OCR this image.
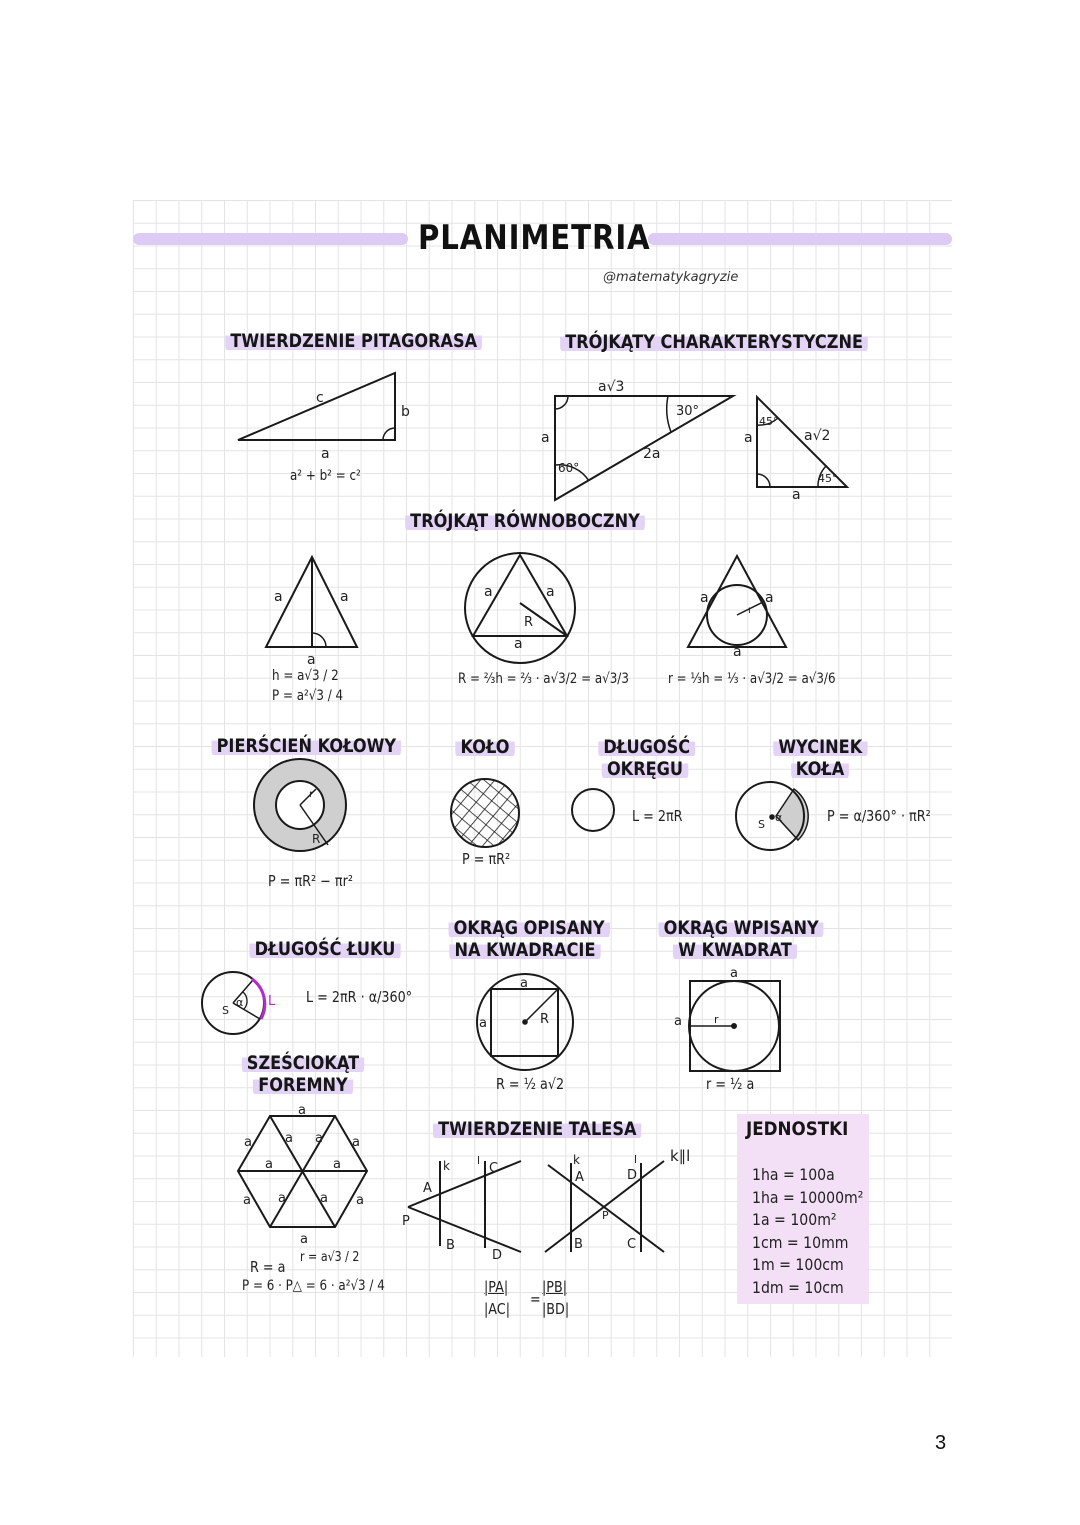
PLANIMETRIA
@matematykagryzie
TWIERDZENIE PITAGORASA	TRÓJKĄTY CHARAKTERYSTYCZNE
TRÓJKĄT RÓWNOBOCZNY
PIERŚCIEŃ KOŁOWY	KOŁO	DŁUGOŚĆ
OKRĘGU
WYCINEK
KOŁA
DŁUGOŚĆ ŁUKU
OKRĄG OPISANY
NA KWADRACIE
OKRĄG WPISANY
W KWADRAT
SZEŚCIOKĄT
FOREMNY
TWIERDZENIE TALESA	JEDNOSTKI
1ha = 100a
1ha = 10000m²
1a = 100m²
1cm = 10mm
1m = 100cm
1dm = 10cm
a² + b² = c²
h = a√3 / 2
P = a²√3 / 4
R = ⅔h = ⅔ · a√3/2 = a√3/3	r = ⅓h = ⅓ · a√3/2 = a√3/6
P = πR² − πr²
P = πR²
L = 2πR	P = α/360° · πR²
L = 2πR · α/360°
R = ½ a√2	r = ½ a
R = a
r = a√3 / 2
P = 6 · P△ = 6 · a²√3 / 4	|PA|
|AC|
=
|PB|
|BD|
c
b
a
a√3
a
2a
30°
60°
a	a√2
a
45°
45°
a	a
a
a	a
a
R
a	a
a
r
r
R
S
α
S
α L
a
a	R
a
a	r
a
a	a a a
a	a
a a	a a
a
P
A
B
C
D
k l	k
A
B
P
D
C
l k∥l
3
